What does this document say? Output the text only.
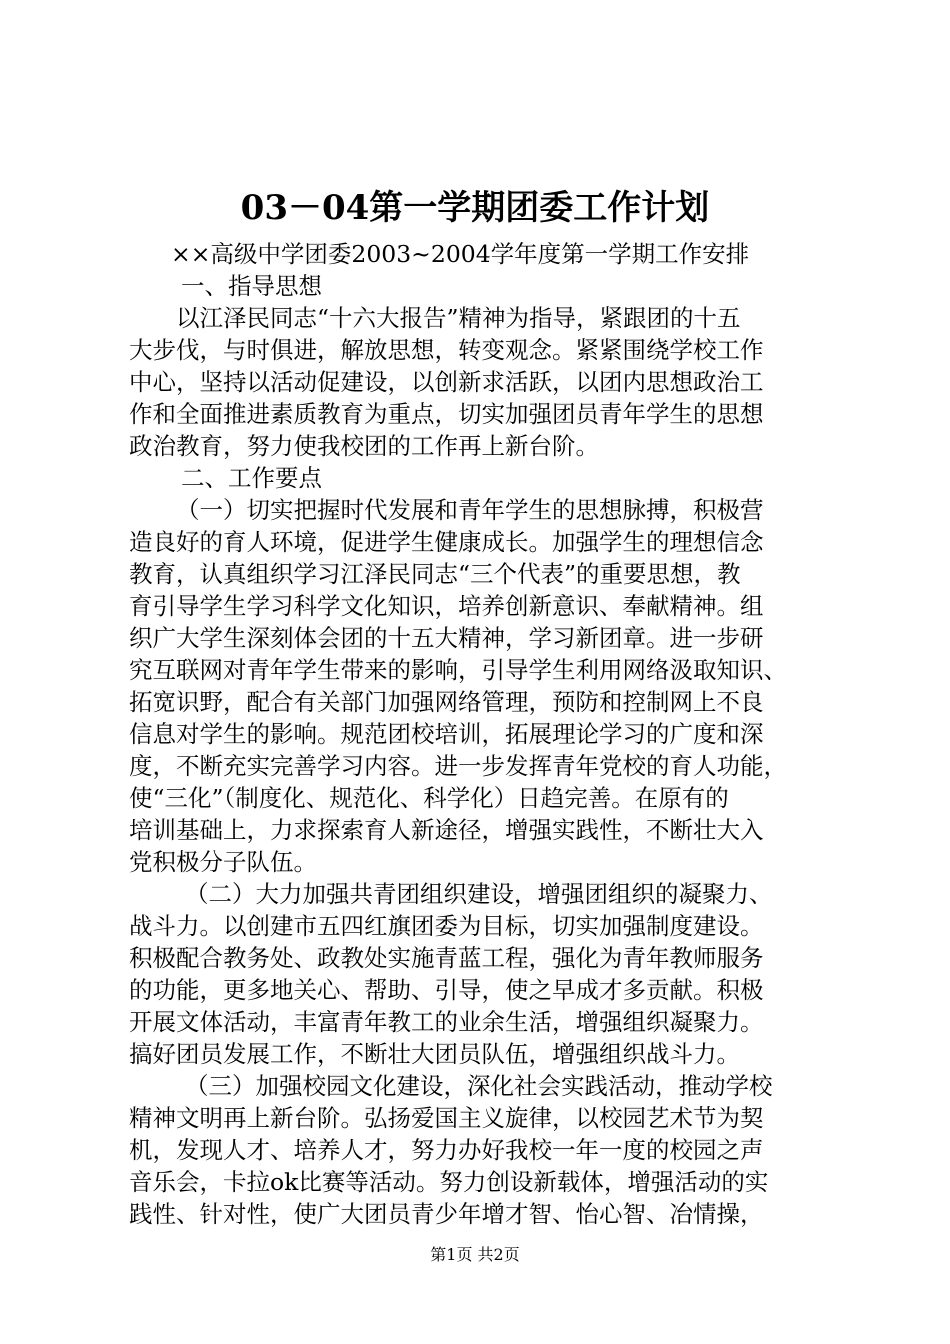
03－04第一学期团委工作计划
××高级中学团委2003~2004学年度第一学期工作安排
一、指导思想
以江泽民同志“十六大报告”精神为指导，紧跟团的十五
大步伐，与时俱进，解放思想，转变观念。紧紧围绕学校工作
中心，坚持以活动促建设，以创新求活跃，以团内思想政治工
作和全面推进素质教育为重点，切实加强团员青年学生的思想
政治教育，努力使我校团的工作再上新台阶。
二、工作要点
（一）切实把握时代发展和青年学生的思想脉搏，积极营
造良好的育人环境，促进学生健康成长。加强学生的理想信念
教育，认真组织学习江泽民同志“三个代表”的重要思想，教
育引导学生学习科学文化知识，培养创新意识、奉献精神。组
织广大学生深刻体会团的十五大精神，学习新团章。进一步研
究互联网对青年学生带来的影响，引导学生利用网络汲取知识、
拓宽识野，配合有关部门加强网络管理，预防和控制网上不良
信息对学生的影响。规范团校培训，拓展理论学习的广度和深
度，不断充实完善学习内容。进一步发挥青年党校的育人功能，
使“三化”（制度化、规范化、科学化）日趋完善。在原有的
培训基础上，力求探索育人新途径，增强实践性，不断壮大入
党积极分子队伍。
（二）大力加强共青团组织建设，增强团组织的凝聚力、
战斗力。以创建市五四红旗团委为目标，切实加强制度建设。
积极配合教务处、政教处实施青蓝工程，强化为青年教师服务
的功能，更多地关心、帮助、引导，使之早成才多贡献。积极
开展文体活动，丰富青年教工的业余生活，增强组织凝聚力。
搞好团员发展工作，不断壮大团员队伍，增强组织战斗力。
（三）加强校园文化建设，深化社会实践活动，推动学校
精神文明再上新台阶。弘扬爱国主义旋律，以校园艺术节为契
机，发现人才、培养人才，努力办好我校一年一度的校园之声
音乐会，卡拉ok比赛等活动。努力创设新载体，增强活动的实
践性、针对性，使广大团员青少年增才智、怡心智、冶情操，
第1页 共2页
